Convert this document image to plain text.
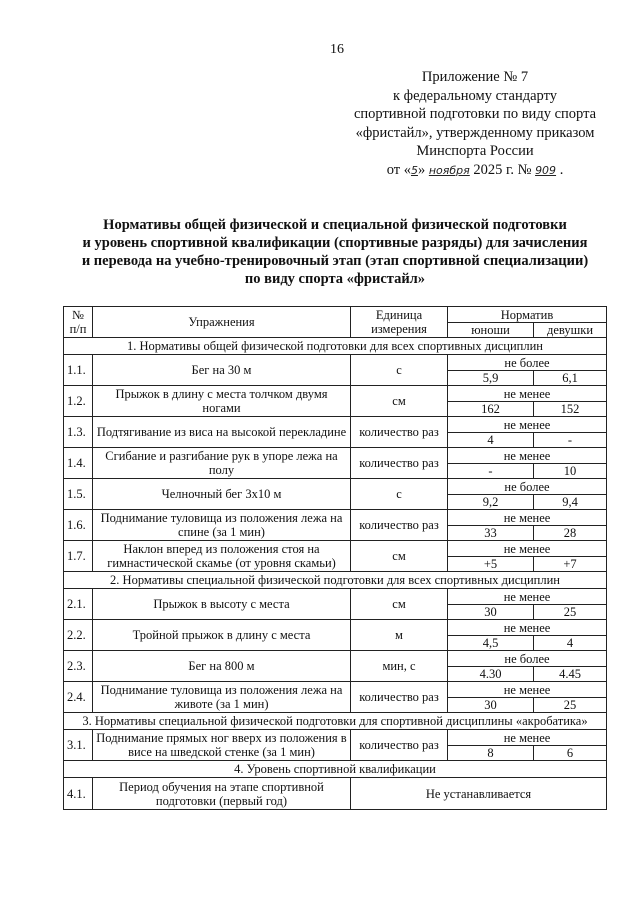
16
Приложение № 7
к федеральному стандарту
спортивной подготовки по виду спорта
«фристайл», утвержденному приказом
Минспорта России
от «5» ноября 2025 г. № 909 .
Нормативы общей физической и специальной физической подготовки
и уровень спортивной квалификации (спортивные разряды) для зачисления
и перевода на учебно-тренировочный этап (этап спортивной специализации)
по виду спорта «фристайл»
№ п/п	Упражнения	Единица измерения	Норматив	
			юноши	девушки
1. Нормативы общей физической подготовки для всех спортивных дисциплин				
1.1.	Бег на 30 м	с	не более	
			5,9	6,1
1.2.	Прыжок в длину с места толчком двумя ногами	см	не менее	
			162	152
1.3.	Подтягивание из виса на высокой перекладине	количество раз	не менее	
			4	-
1.4.	Сгибание и разгибание рук в упоре лежа на полу	количество раз	не менее	
			-	10
1.5.	Челночный бег 3x10 м	с	не более	
			9,2	9,4
1.6.	Поднимание туловища из положения лежа на спине (за 1 мин)	количество раз	не менее	
			33	28
1.7.	Наклон вперед из положения стоя на гимнастической скамье (от уровня скамьи)	см	не менее	
			+5	+7
2. Нормативы специальной физической подготовки для всех спортивных дисциплин				
2.1.	Прыжок в высоту с места	см	не менее	
			30	25
2.2.	Тройной прыжок в длину с места	м	не менее	
			4,5	4
2.3.	Бег на 800 м	мин, с	не более	
			4.30	4.45
2.4.	Поднимание туловища из положения лежа на животе (за 1 мин)	количество раз	не менее	
			30	25
3. Нормативы специальной физической подготовки для спортивной дисциплины «акробатика»				
3.1.	Поднимание прямых ног вверх из положения в висе на шведской стенке (за 1 мин)	количество раз	не менее	
			8	6
4. Уровень спортивной квалификации				
4.1.	Период обучения на этапе спортивной подготовки (первый год)	Не устанавливается		
